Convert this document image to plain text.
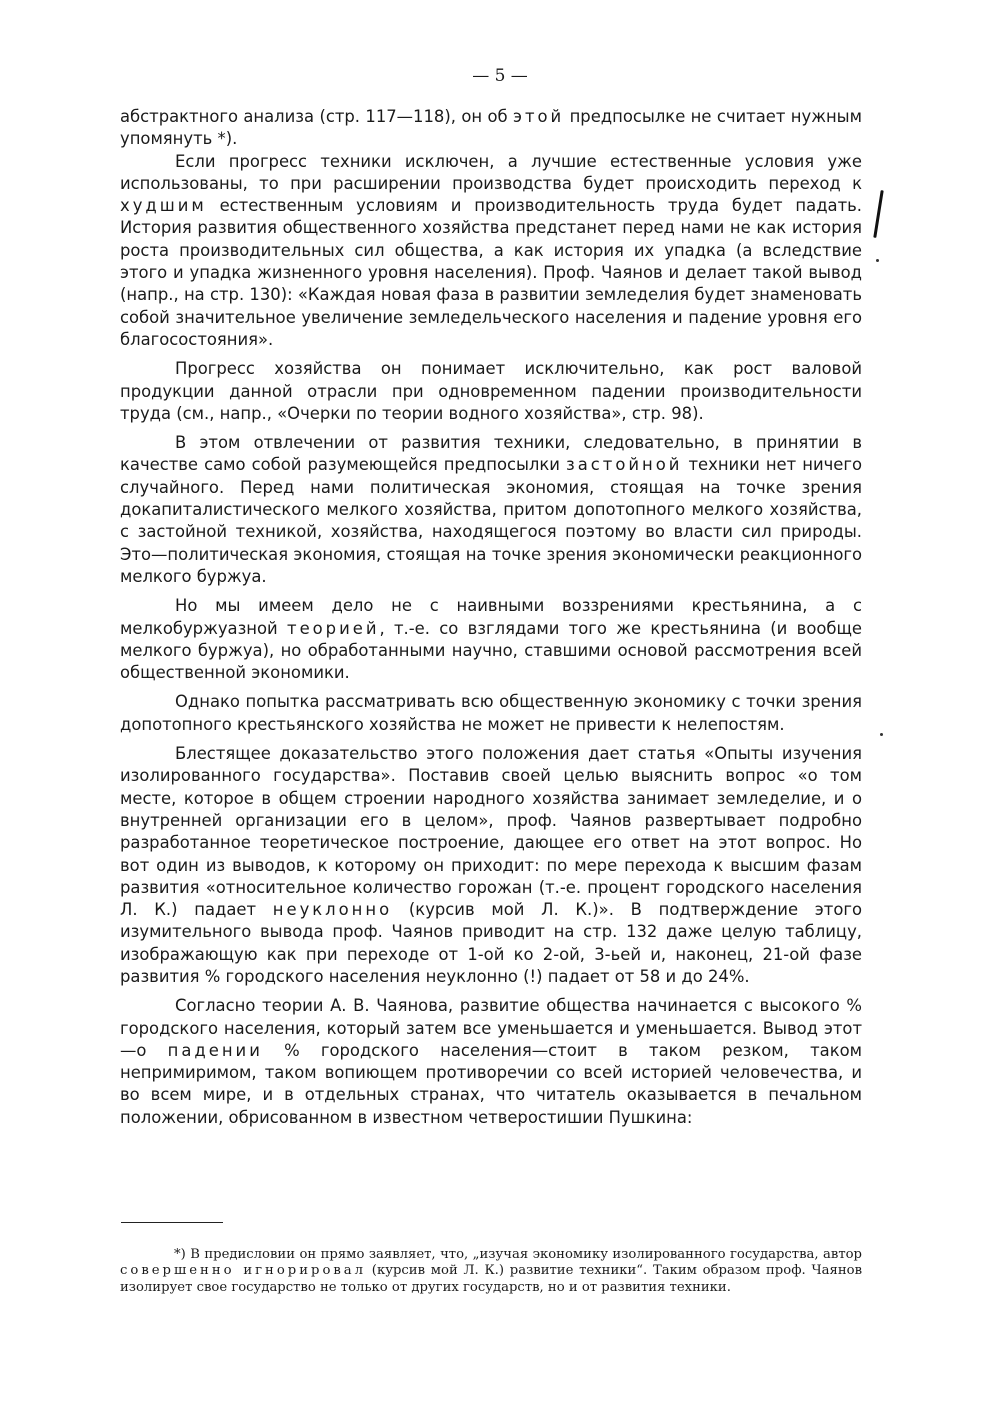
— 5 —

абстрактного анализа (стр. 117—118), он об этой предпосылке не считает нужным упомянуть *).

Если прогресс техники исключен, а лучшие естественные условия уже использованы, то при расширении производства будет происходить переход к худшим естественным условиям и производительность труда будет падать. История развития общественного хозяйства предстанет перед нами не как история роста производительных сил общества, а как история их упадка (а вследствие этого и упадка жизненного уровня населения). Проф. Чаянов и делает такой вывод (напр., на стр. 130): «Каждая новая фаза в развитии земледелия будет знаменовать собой значительное увеличение земледельческого населения и падение уровня его благосостояния».

Прогресс хозяйства он понимает исключительно, как рост валовой продукции данной отрасли при одновременном падении производительности труда (см., напр., «Очерки по теории водного хозяйства», стр. 98).

В этом отвлечении от развития техники, следовательно, в принятии в качестве само собой разумеющейся предпосылки застойной техники нет ничего случайного. Перед нами политическая экономия, стоящая на точке зрения докапиталистического мелкого хозяйства, притом допотопного мелкого хозяйства, с застойной техникой, хозяйства, находящегося поэтому во власти сил природы. Это—политическая экономия, стоящая на точке зрения экономически реакционного мелкого буржуа.

Но мы имеем дело не с наивными воззрениями крестьянина, а с мелкобуржуазной теорией, т.-е. со взглядами того же крестьянина (и вообще мелкого буржуа), но обработанными научно, ставшими основой рассмотрения всей общественной экономики.

Однако попытка рассматривать всю общественную экономику с точки зрения допотопного крестьянского хозяйства не может не привести к нелепостям.

Блестящее доказательство этого положения дает статья «Опыты изучения изолированного государства». Поставив своей целью выяснить вопрос «о том месте, которое в общем строении народного хозяйства занимает земледелие, и о внутренней организации его в целом», проф. Чаянов развертывает подробно разработанное теоретическое построение, дающее его ответ на этот вопрос. Но вот один из выводов, к которому он приходит: по мере перехода к высшим фазам развития «относительное количество горожан (т.-е. процент городского населения Л. К.) падает неуклонно (курсив мой Л. К.)». В подтверждение этого изумительного вывода проф. Чаянов приводит на стр. 132 даже целую таблицу, изображающую как при переходе от 1-ой ко 2-ой, 3-ьей и, наконец, 21-ой фазе развития % городского населения неуклонно (!) падает от 58 и до 24%.

Согласно теории А. В. Чаянова, развитие общества начинается с высокого % городского населения, который затем все уменьшается и уменьшается. Вывод этот—о падении % городского населения—стоит в таком резком, таком непримиримом, таком вопиющем противоречии со всей историей человечества, и во всем мире, и в отдельных странах, что читатель оказывается в печальном положении, обрисованном в известном четверостишии Пушкина:

*) В предисловии он прямо заявляет, что, „изучая экономику изолированного государства, автор совершенно игнорировал (курсив мой Л. К.) развитие техники“. Таким образом проф. Чаянов изолирует свое государство не только от других государств, но и от развития техники.
